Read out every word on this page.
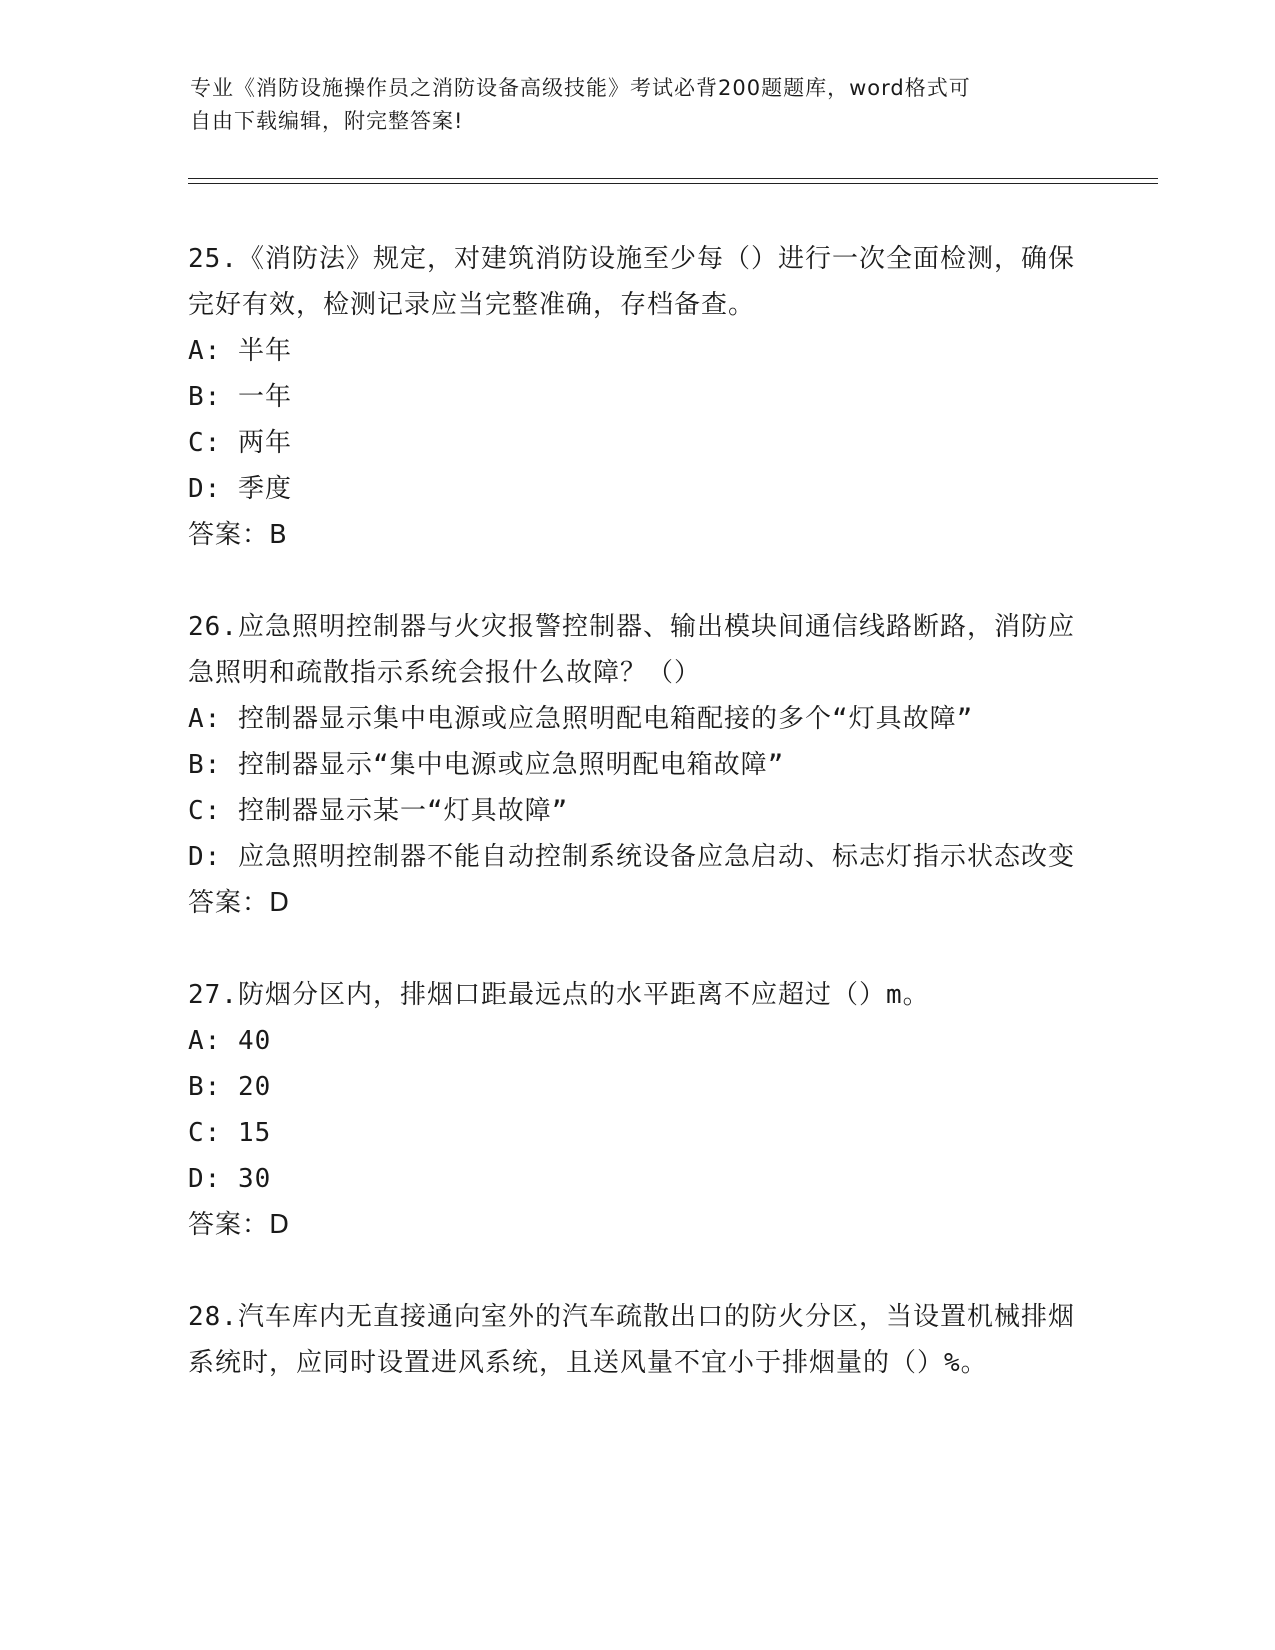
专业《消防设施操作员之消防设备高级技能》考试必背200题题库，word格式可
自由下载编辑，附完整答案!
25.《消防法》规定，对建筑消防设施至少每（）进行一次全面检测，确保完好有效，检测记录应当完整准确，存档备查。
A: 半年
B: 一年
C: 两年
D: 季度
答案：B
26.应急照明控制器与火灾报警控制器、输出模块间通信线路断路，消防应急照明和疏散指示系统会报什么故障？（）
A: 控制器显示集中电源或应急照明配电箱配接的多个“灯具故障”
B: 控制器显示“集中电源或应急照明配电箱故障”
C: 控制器显示某一“灯具故障”
D: 应急照明控制器不能自动控制系统设备应急启动、标志灯指示状态改变
答案：D
27.防烟分区内，排烟口距最远点的水平距离不应超过（）m。
A: 40
B: 20
C: 15
D: 30
答案：D
28.汽车库内无直接通向室外的汽车疏散出口的防火分区，当设置机械排烟系统时，应同时设置进风系统，且送风量不宜小于排烟量的（）%。
